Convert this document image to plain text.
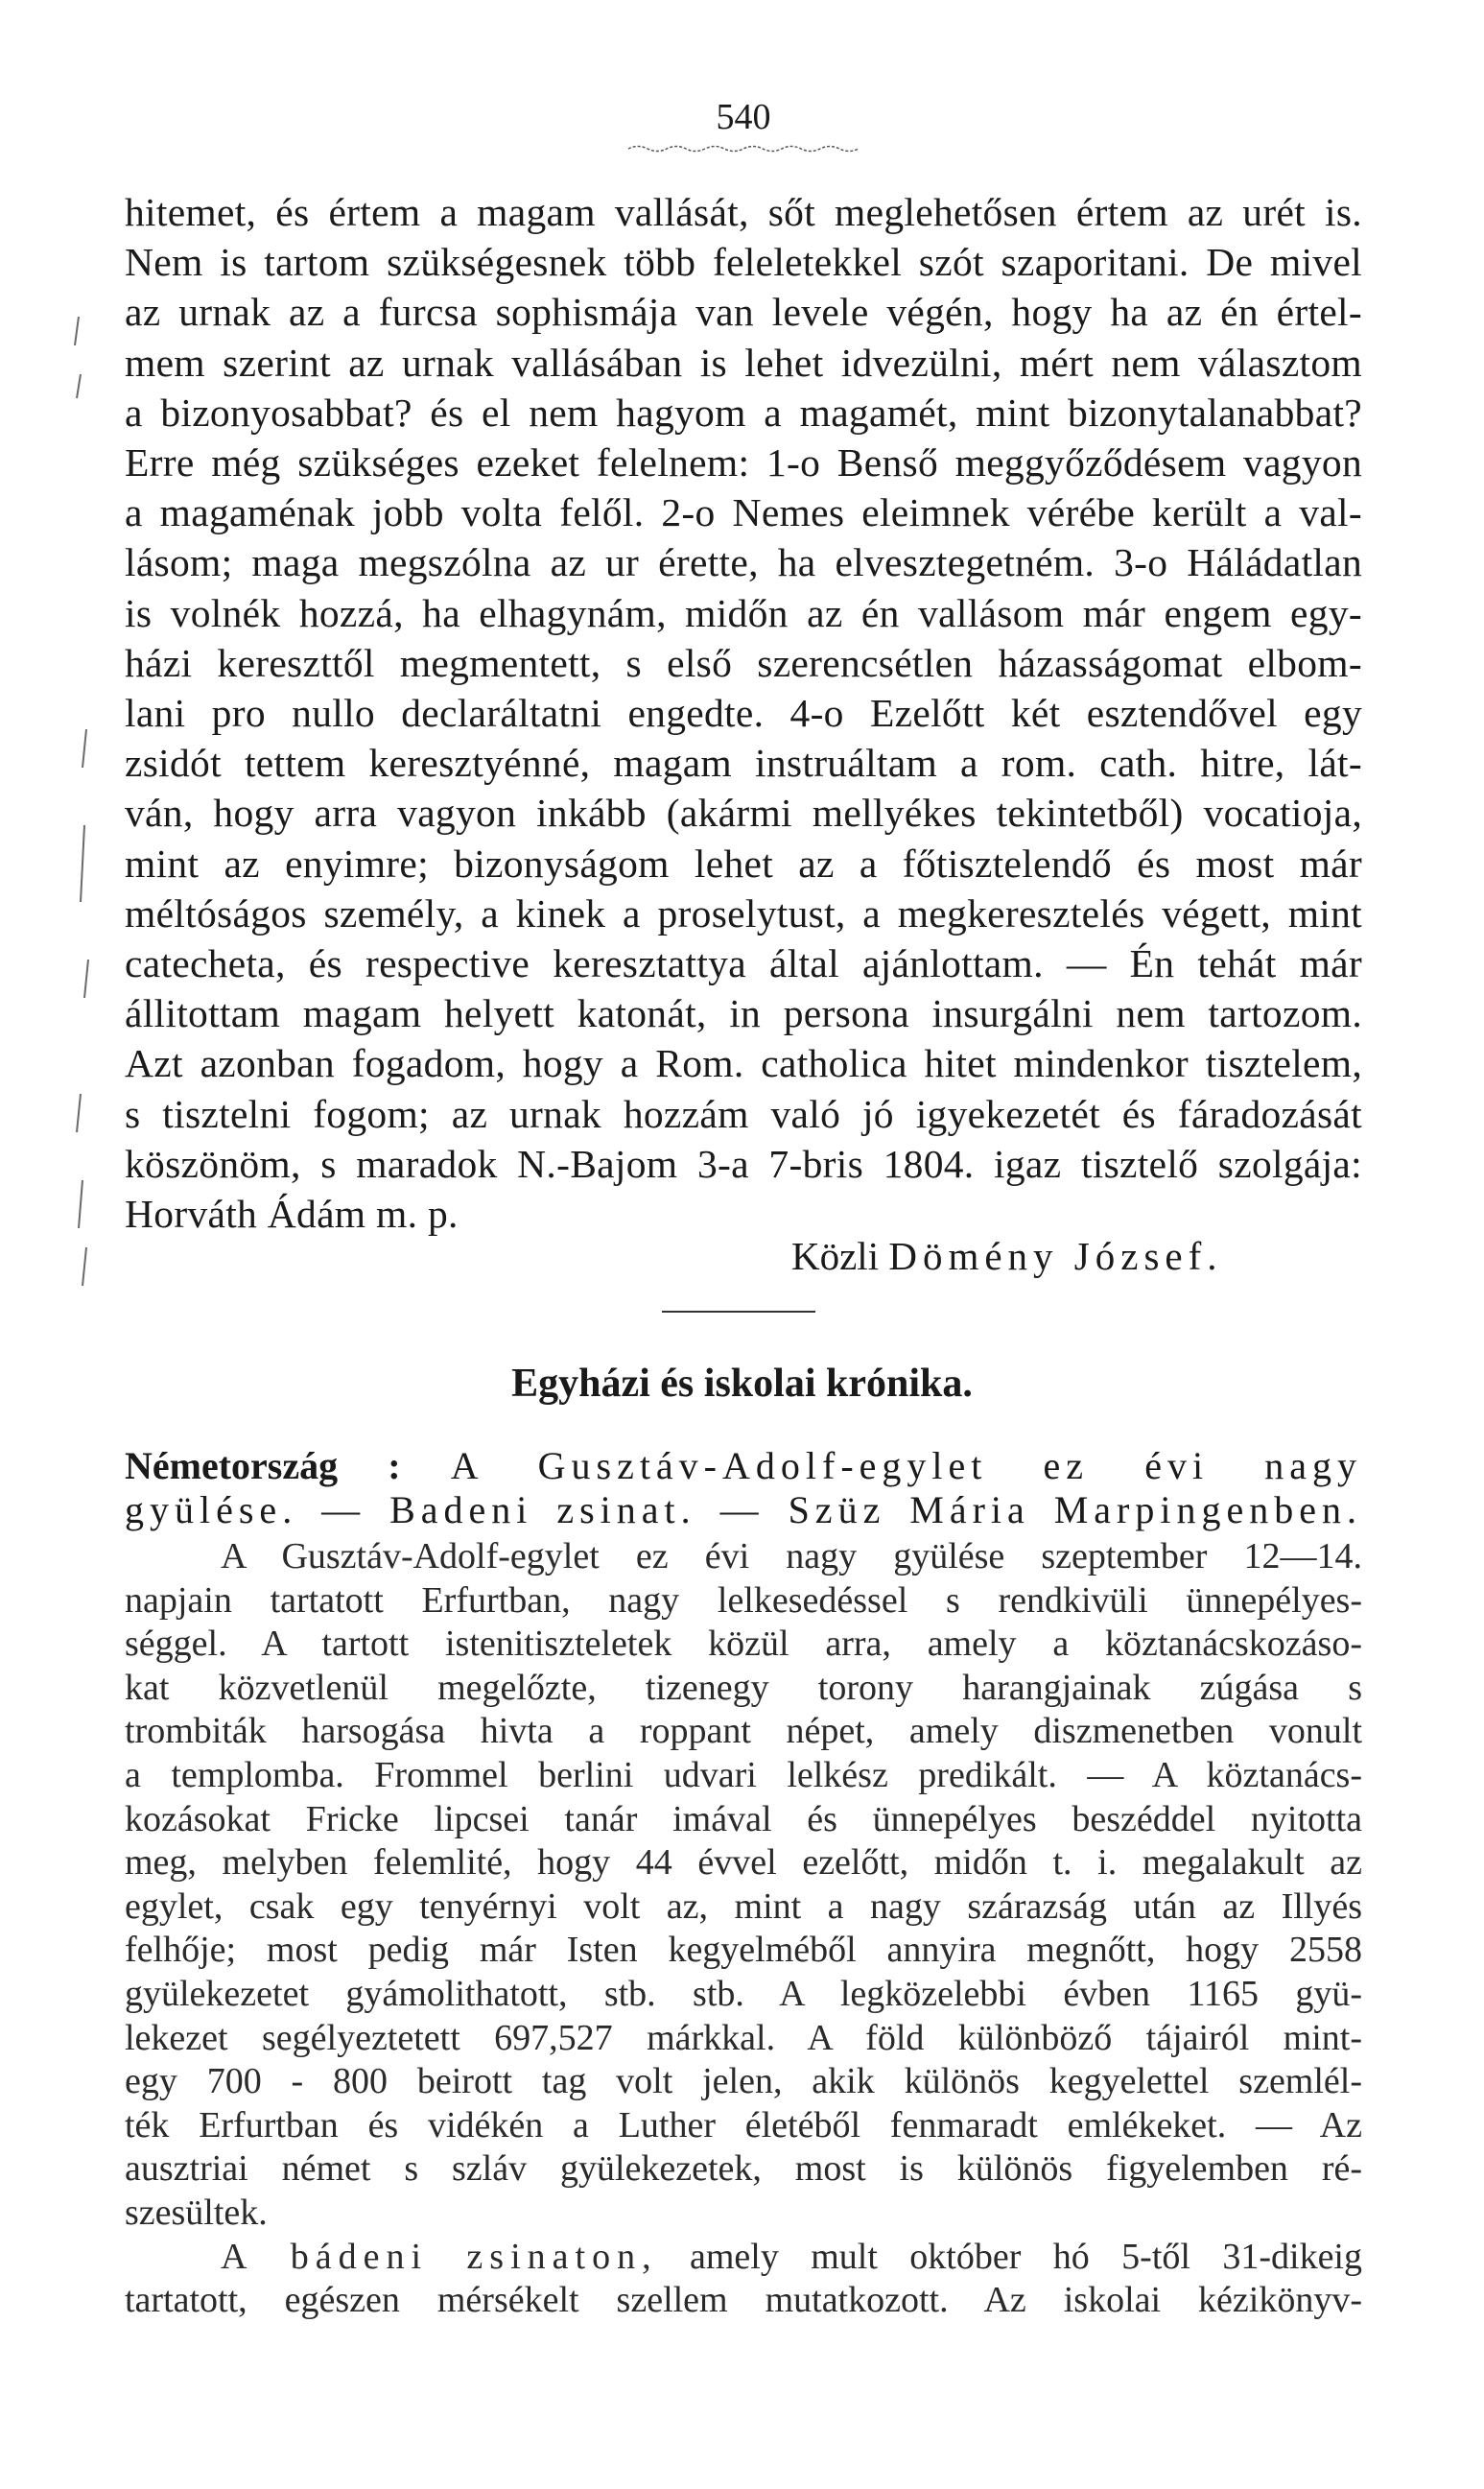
540
hitemet, és értem a magam vallását, sőt meglehetősen értem az urét is.
Nem is tartom szükségesnek több feleletekkel szót szaporitani. De mivel
az urnak az a furcsa sophismája van levele végén, hogy ha az én értel-
mem szerint az urnak vallásában is lehet idvezülni, mért nem választom
a bizonyosabbat? és el nem hagyom a magamét, mint bizonytalanabbat?
Erre még szükséges ezeket felelnem: 1-o Benső meggyőződésem vagyon
a magaménak jobb volta felől. 2-o Nemes eleimnek vérébe került a val-
lásom; maga megszólna az ur érette, ha elvesztegetném. 3-o Háládatlan
is volnék hozzá, ha elhagynám, midőn az én vallásom már engem egy-
házi kereszttől megmentett, s első szerencsétlen házasságomat elbom-
lani pro nullo declaráltatni engedte. 4-o Ezelőtt két esztendővel egy
zsidót tettem keresztyénné, magam instruáltam a rom. cath. hitre, lát-
ván, hogy arra vagyon inkább (akármi mellyékes tekintetből) vocatioja,
mint az enyimre; bizonyságom lehet az a főtisztelendő és most már
méltóságos személy, a kinek a proselytust, a megkeresztelés végett, mint
catecheta, és respective keresztattya által ajánlottam. — Én tehát már
állitottam magam helyett katonát, in persona insurgálni nem tartozom.
Azt azonban fogadom, hogy a Rom. catholica hitet mindenkor tisztelem,
s tisztelni fogom; az urnak hozzám való jó igyekezetét és fáradozását
köszönöm, s maradok N.-Bajom 3-a 7-bris 1804. igaz tisztelő szolgája:
Horváth Ádám m. p.
Közli Dömény József.
Egyházi és iskolai krónika.
Németország : A Gusztáv-Adolf-egylet ez évi nagy
gyülése. — Badeni zsinat. — Szüz Mária Marpingenben.
A Gusztáv-Adolf-egylet ez évi nagy gyülése szeptember 12—14.
napjain tartatott Erfurtban, nagy lelkesedéssel s rendkivüli ünnepélyes-
séggel. A tartott istenitiszteletek közül arra, amely a köztanácskozáso-
kat közvetlenül megelőzte, tizenegy torony harangjainak zúgása s
trombiták harsogása hivta a roppant népet, amely diszmenetben vonult
a templomba. Frommel berlini udvari lelkész predikált. — A köztanács-
kozásokat Fricke lipcsei tanár imával és ünnepélyes beszéddel nyitotta
meg, melyben felemlité, hogy 44 évvel ezelőtt, midőn t. i. megalakult az
egylet, csak egy tenyérnyi volt az, mint a nagy szárazság után az Illyés
felhője; most pedig már Isten kegyelméből annyira megnőtt, hogy 2558
gyülekezetet gyámolithatott, stb. stb. A legközelebbi évben 1165 gyü-
lekezet segélyeztetett 697,527 márkkal. A föld különböző tájairól mint-
egy 700 - 800 beirott tag volt jelen, akik különös kegyelettel szemlél-
ték Erfurtban és vidékén a Luther életéből fenmaradt emlékeket. — Az
ausztriai német s szláv gyülekezetek, most is különös figyelemben ré-
szesültek.
A bádeni zsinaton, amely mult október hó 5-től 31-dikeig
tartatott, egészen mérsékelt szellem mutatkozott. Az iskolai kézikönyv-
